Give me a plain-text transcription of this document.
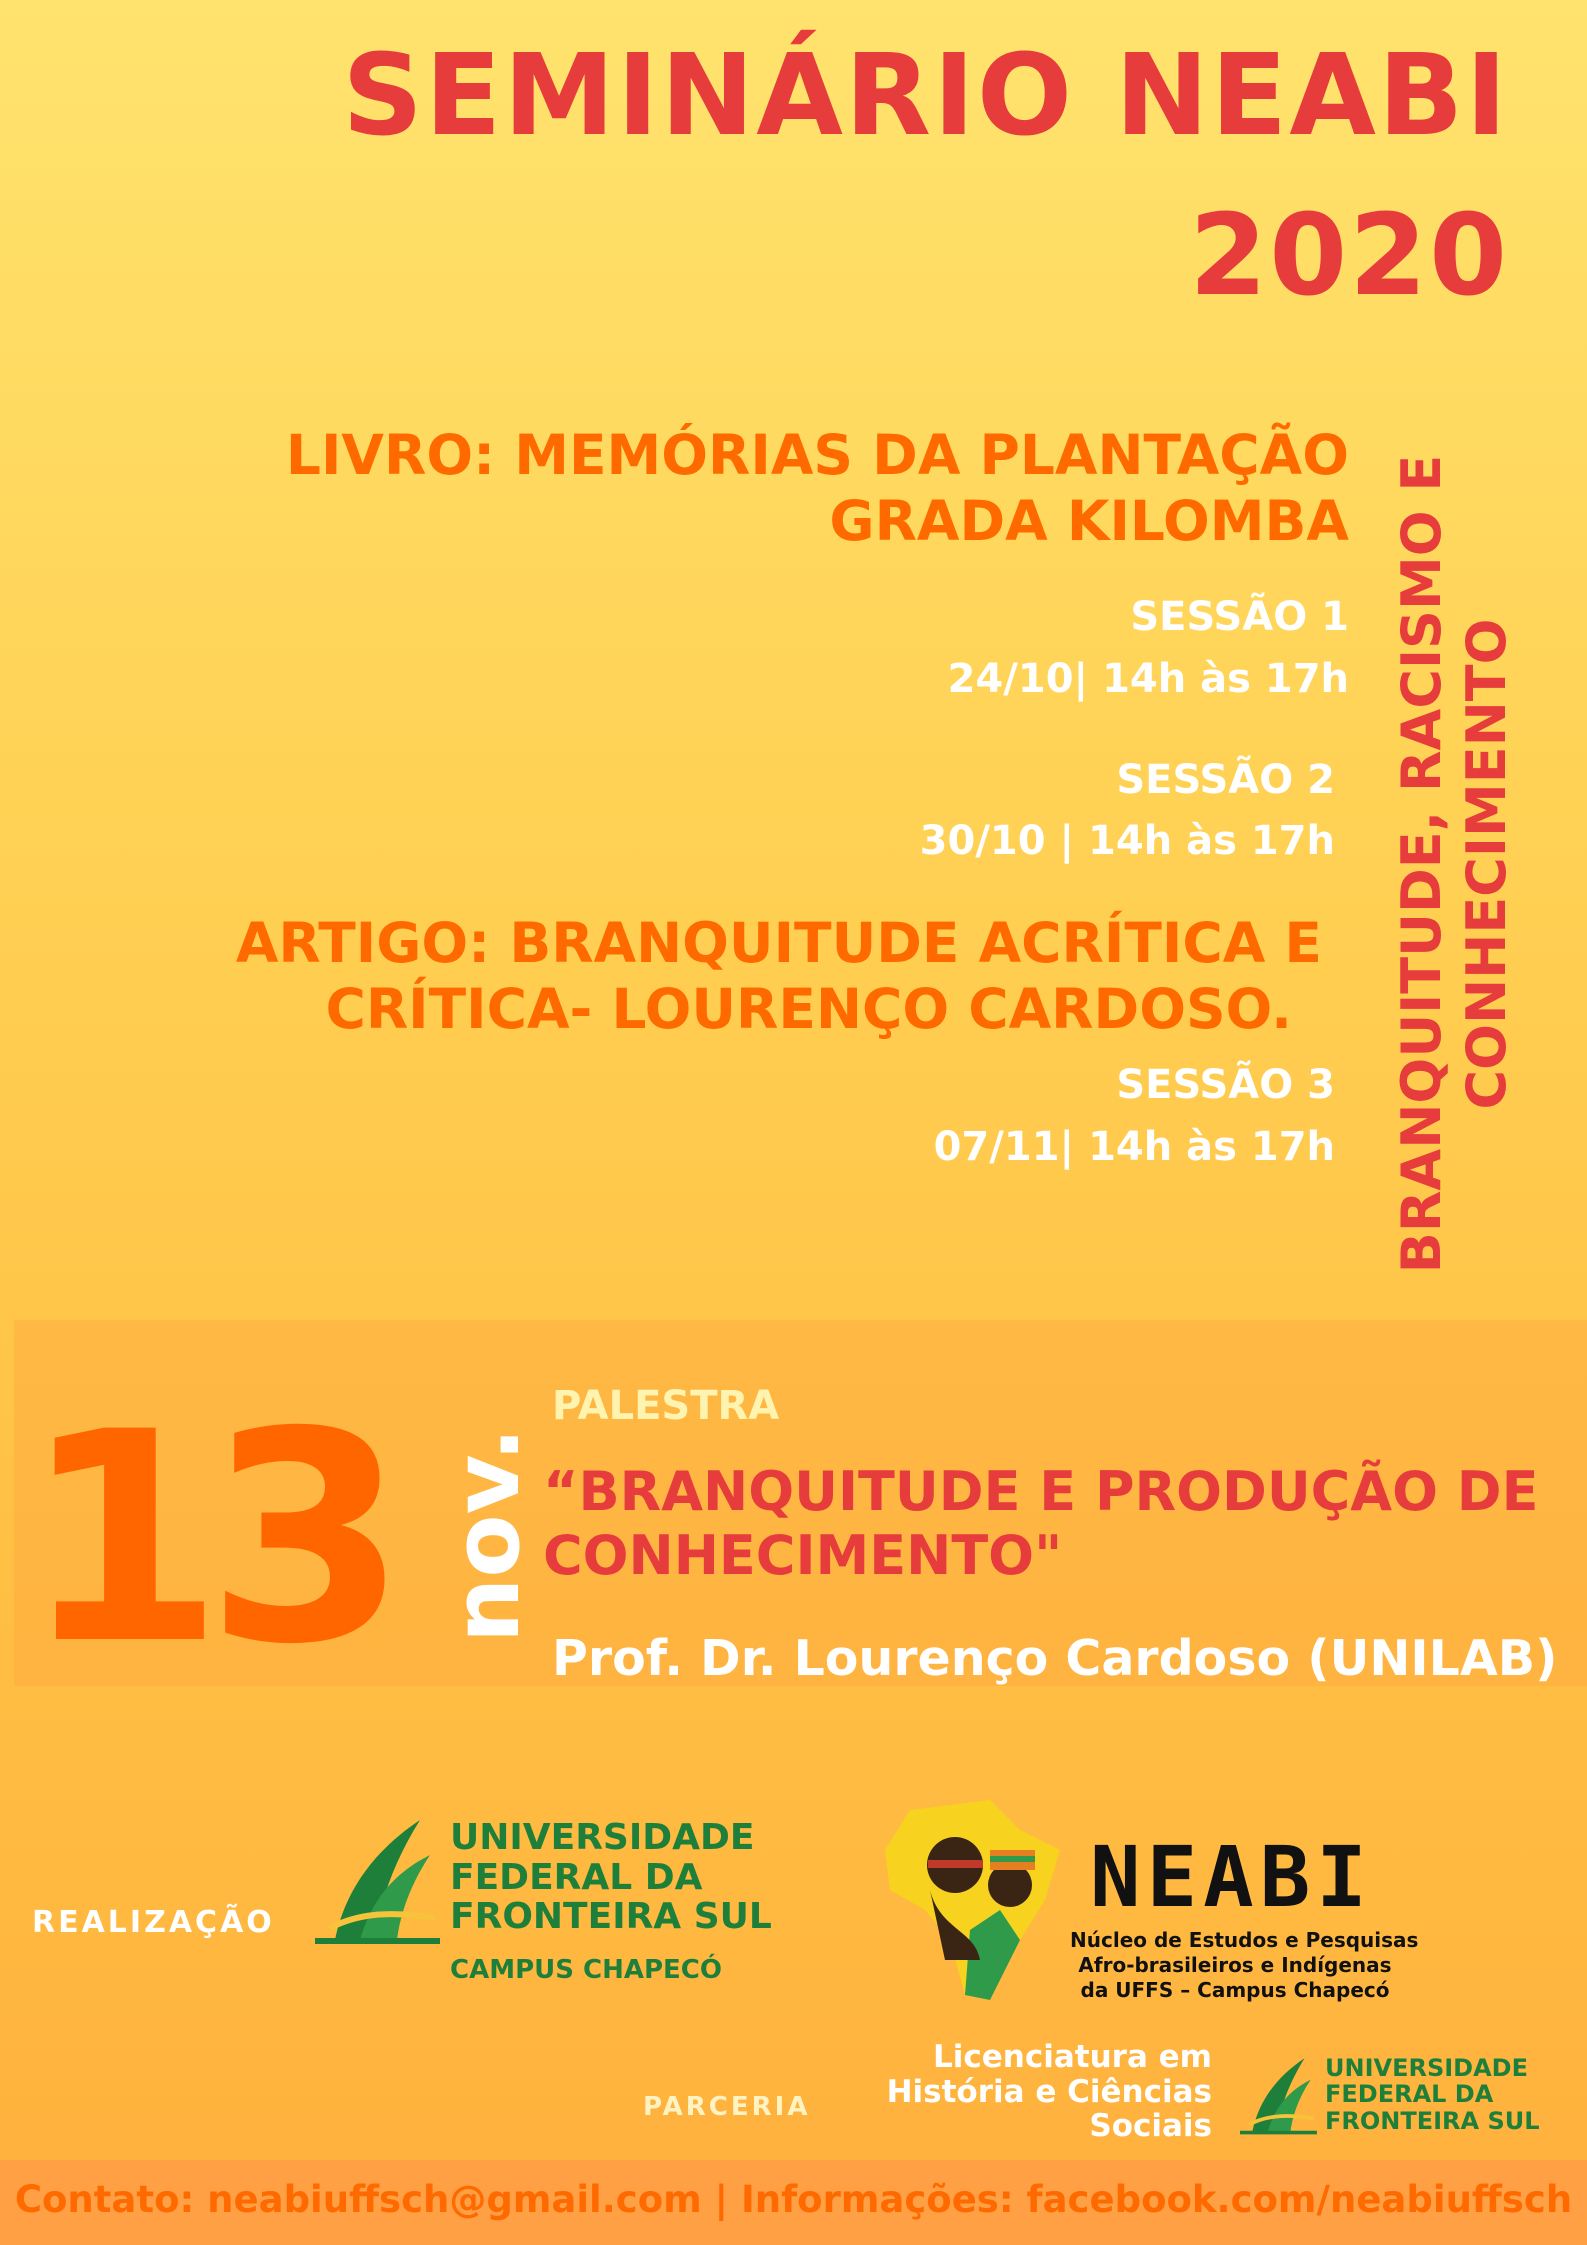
SEMINÁRIO NEABI
2020
BRANQUITUDE, RACISMO E CONHECIMENTO
LIVRO: MEMÓRIAS DA PLANTAÇÃO
GRADA KILOMBA
SESSÃO 1
24/10| 14h às 17h
SESSÃO 2
30/10 | 14h às 17h
ARTIGO: BRANQUITUDE ACRÍTICA E
CRÍTICA- LOURENÇO CARDOSO.
SESSÃO 3
07/11| 14h às 17h
13 nov.
PALESTRA
“BRANQUITUDE E PRODUÇÃO DE
CONHECIMENTO"
Prof. Dr. Lourenço Cardoso (UNILAB)
REALIZAÇÃO
UNIVERSIDADE
FEDERAL DA
FRONTEIRA SUL
CAMPUS CHAPECÓ
NEABI
Núcleo de Estudos e Pesquisas
Afro-brasileiros e Indígenas
da UFFS – Campus Chapecó
PARCERIA
Licenciatura em
História e Ciências
Sociais
UNIVERSIDADE
FEDERAL DA
FRONTEIRA SUL
Contato: neabiuffsch@gmail.com | Informações: facebook.com/neabiuffsch
